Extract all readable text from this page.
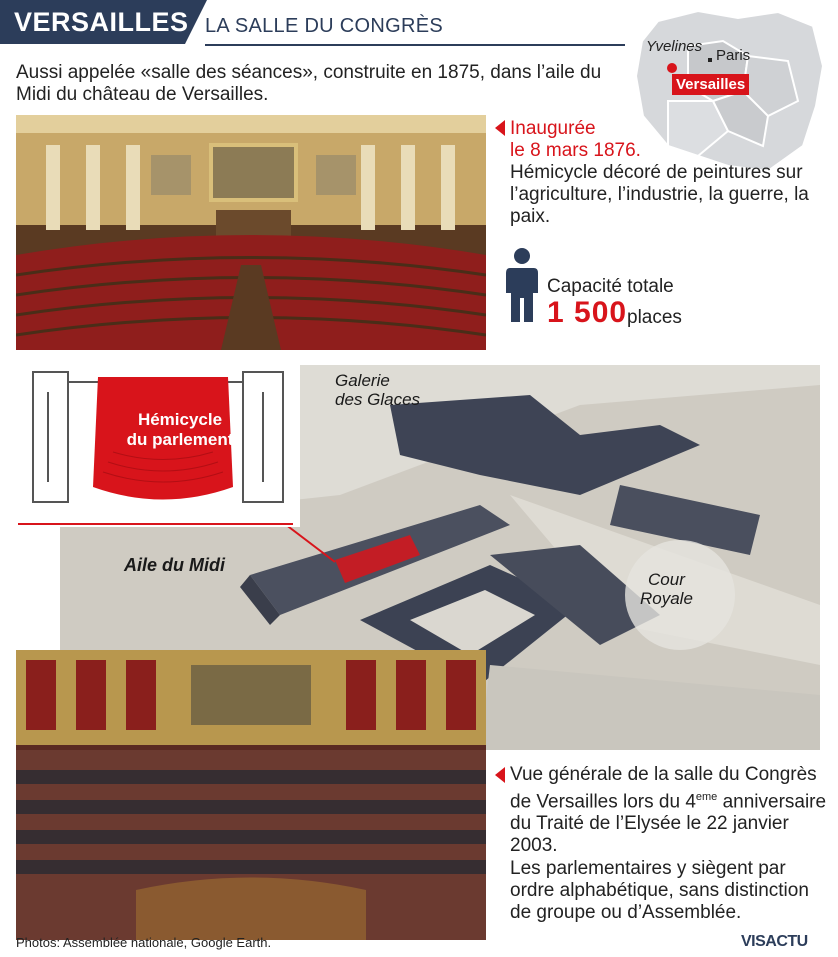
VERSAILLES LA SALLE DU CONGRÈS
Aussi appelée «salle des séances», construite en 1875, dans l’aile du Midi du château de Versailles.
Yvelines
Paris
Versailles
Inaugurée
le 8 mars 1876.
Hémicycle décoré de peintures sur l’agriculture, l’industrie, la guerre, la paix.
Capacité totale
1 500 places
Galerie
des Glaces
Aile du Midi
Cour
Royale
Hémicycle
du parlement
Vue générale de la salle du Congrès de Versailles lors du 4eme anniversaire du Traité de l’Elysée le 22 janvier 2003.
Les parlementaires y siègent par ordre alphabétique, sans distinction de groupe ou d’Assemblée.
Photos: Assemblée nationale, Google Earth.	VISACTU
